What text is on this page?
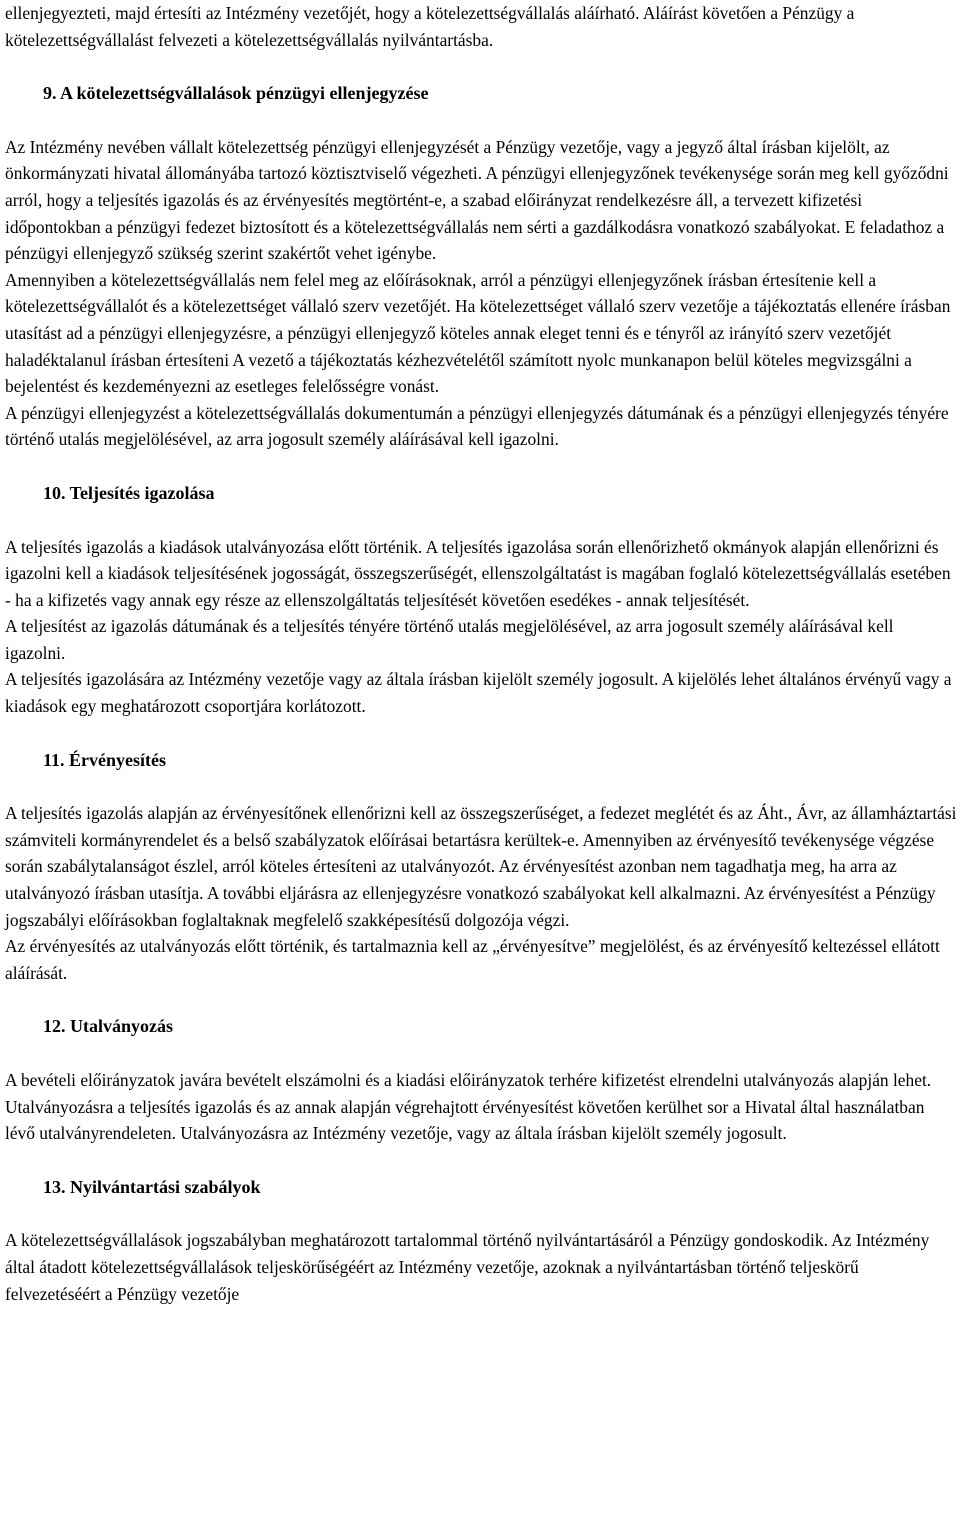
ellenjegyezteti, majd értesíti az Intézmény vezetőjét, hogy a kötelezettségvállalás aláírható. Aláírást követően a Pénzügy a kötelezettségvállalást felvezeti a kötelezettségvállalás nyilvántartásba.

9. A kötelezettségvállalások pénzügyi ellenjegyzése

Az Intézmény nevében vállalt kötelezettség pénzügyi ellenjegyzését a Pénzügy vezetője, vagy a jegyző által írásban kijelölt, az önkormányzati hivatal állományába tartozó köztisztviselő végezheti. A pénzügyi ellenjegyzőnek tevékenysége során meg kell győződni arról, hogy a teljesítés igazolás és az érvényesítés megtörtént-e, a szabad előirányzat rendelkezésre áll, a tervezett kifizetési időpontokban a pénzügyi fedezet biztosított és a kötelezettségvállalás nem sérti a gazdálkodásra vonatkozó szabályokat. E feladathoz a pénzügyi ellenjegyző szükség szerint szakértőt vehet igénybe.

Amennyiben a kötelezettségvállalás nem felel meg az előírásoknak, arról a pénzügyi ellenjegyzőnek írásban értesítenie kell a kötelezettségvállalót és a kötelezettséget vállaló szerv vezetőjét. Ha kötelezettséget vállaló szerv vezetője a tájékoztatás ellenére írásban utasítást ad a pénzügyi ellenjegyzésre, a pénzügyi ellenjegyző köteles annak eleget tenni és e tényről az irányító szerv vezetőjét haladéktalanul írásban értesíteni A vezető a tájékoztatás kézhezvételétől számított nyolc munkanapon belül köteles megvizsgálni a bejelentést és kezdeményezni az esetleges felelősségre vonást.

A pénzügyi ellenjegyzést a kötelezettségvállalás dokumentumán a pénzügyi ellenjegyzés dátumának és a pénzügyi ellenjegyzés tényére történő utalás megjelölésével, az arra jogosult személy aláírásával kell igazolni.

10. Teljesítés igazolása

A teljesítés igazolás a kiadások utalványozása előtt történik. A teljesítés igazolása során ellenőrizhető okmányok alapján ellenőrizni és igazolni kell a kiadások teljesítésének jogosságát, összegszerűségét, ellenszolgáltatást is magában foglaló kötelezettségvállalás esetében - ha a kifizetés vagy annak egy része az ellenszolgáltatás teljesítését követően esedékes - annak teljesítését.

A teljesítést az igazolás dátumának és a teljesítés tényére történő utalás megjelölésével, az arra jogosult személy aláírásával kell igazolni.

A teljesítés igazolására az Intézmény vezetője vagy az általa írásban kijelölt személy jogosult. A kijelölés lehet általános érvényű vagy a kiadások egy meghatározott csoportjára korlátozott.

11. Érvényesítés

A teljesítés igazolás alapján az érvényesítőnek ellenőrizni kell az összegszerűséget, a fedezet meglétét és az Áht., Ávr, az államháztartási számviteli kormányrendelet és a belső szabályzatok előírásai betartásra kerültek-e. Amennyiben az érvényesítő tevékenysége végzése során szabálytalanságot észlel, arról köteles értesíteni az utalványozót. Az érvényesítést azonban nem tagadhatja meg, ha arra az utalványozó írásban utasítja. A további eljárásra az ellenjegyzésre vonatkozó szabályokat kell alkalmazni. Az érvényesítést a Pénzügy jogszabályi előírásokban foglaltaknak megfelelő szakképesítésű dolgozója végzi.

Az érvényesítés az utalványozás előtt történik, és tartalmaznia kell az „érvényesítve” megjelölést, és az érvényesítő keltezéssel ellátott aláírását.

12. Utalványozás

A bevételi előirányzatok javára bevételt elszámolni és a kiadási előirányzatok terhére kifizetést elrendelni utalványozás alapján lehet. Utalványozásra a teljesítés igazolás és az annak alapján végrehajtott érvényesítést követően kerülhet sor a Hivatal által használatban lévő utalványrendeleten. Utalványozásra az Intézmény vezetője, vagy az általa írásban kijelölt személy jogosult.

13. Nyilvántartási szabályok

A kötelezettségvállalások jogszabályban meghatározott tartalommal történő nyilvántartásáról a Pénzügy gondoskodik. Az Intézmény által átadott kötelezettségvállalások teljeskörűségéért az Intézmény vezetője, azoknak a nyilvántartásban történő teljeskörű felvezetéséért a Pénzügy vezetője
